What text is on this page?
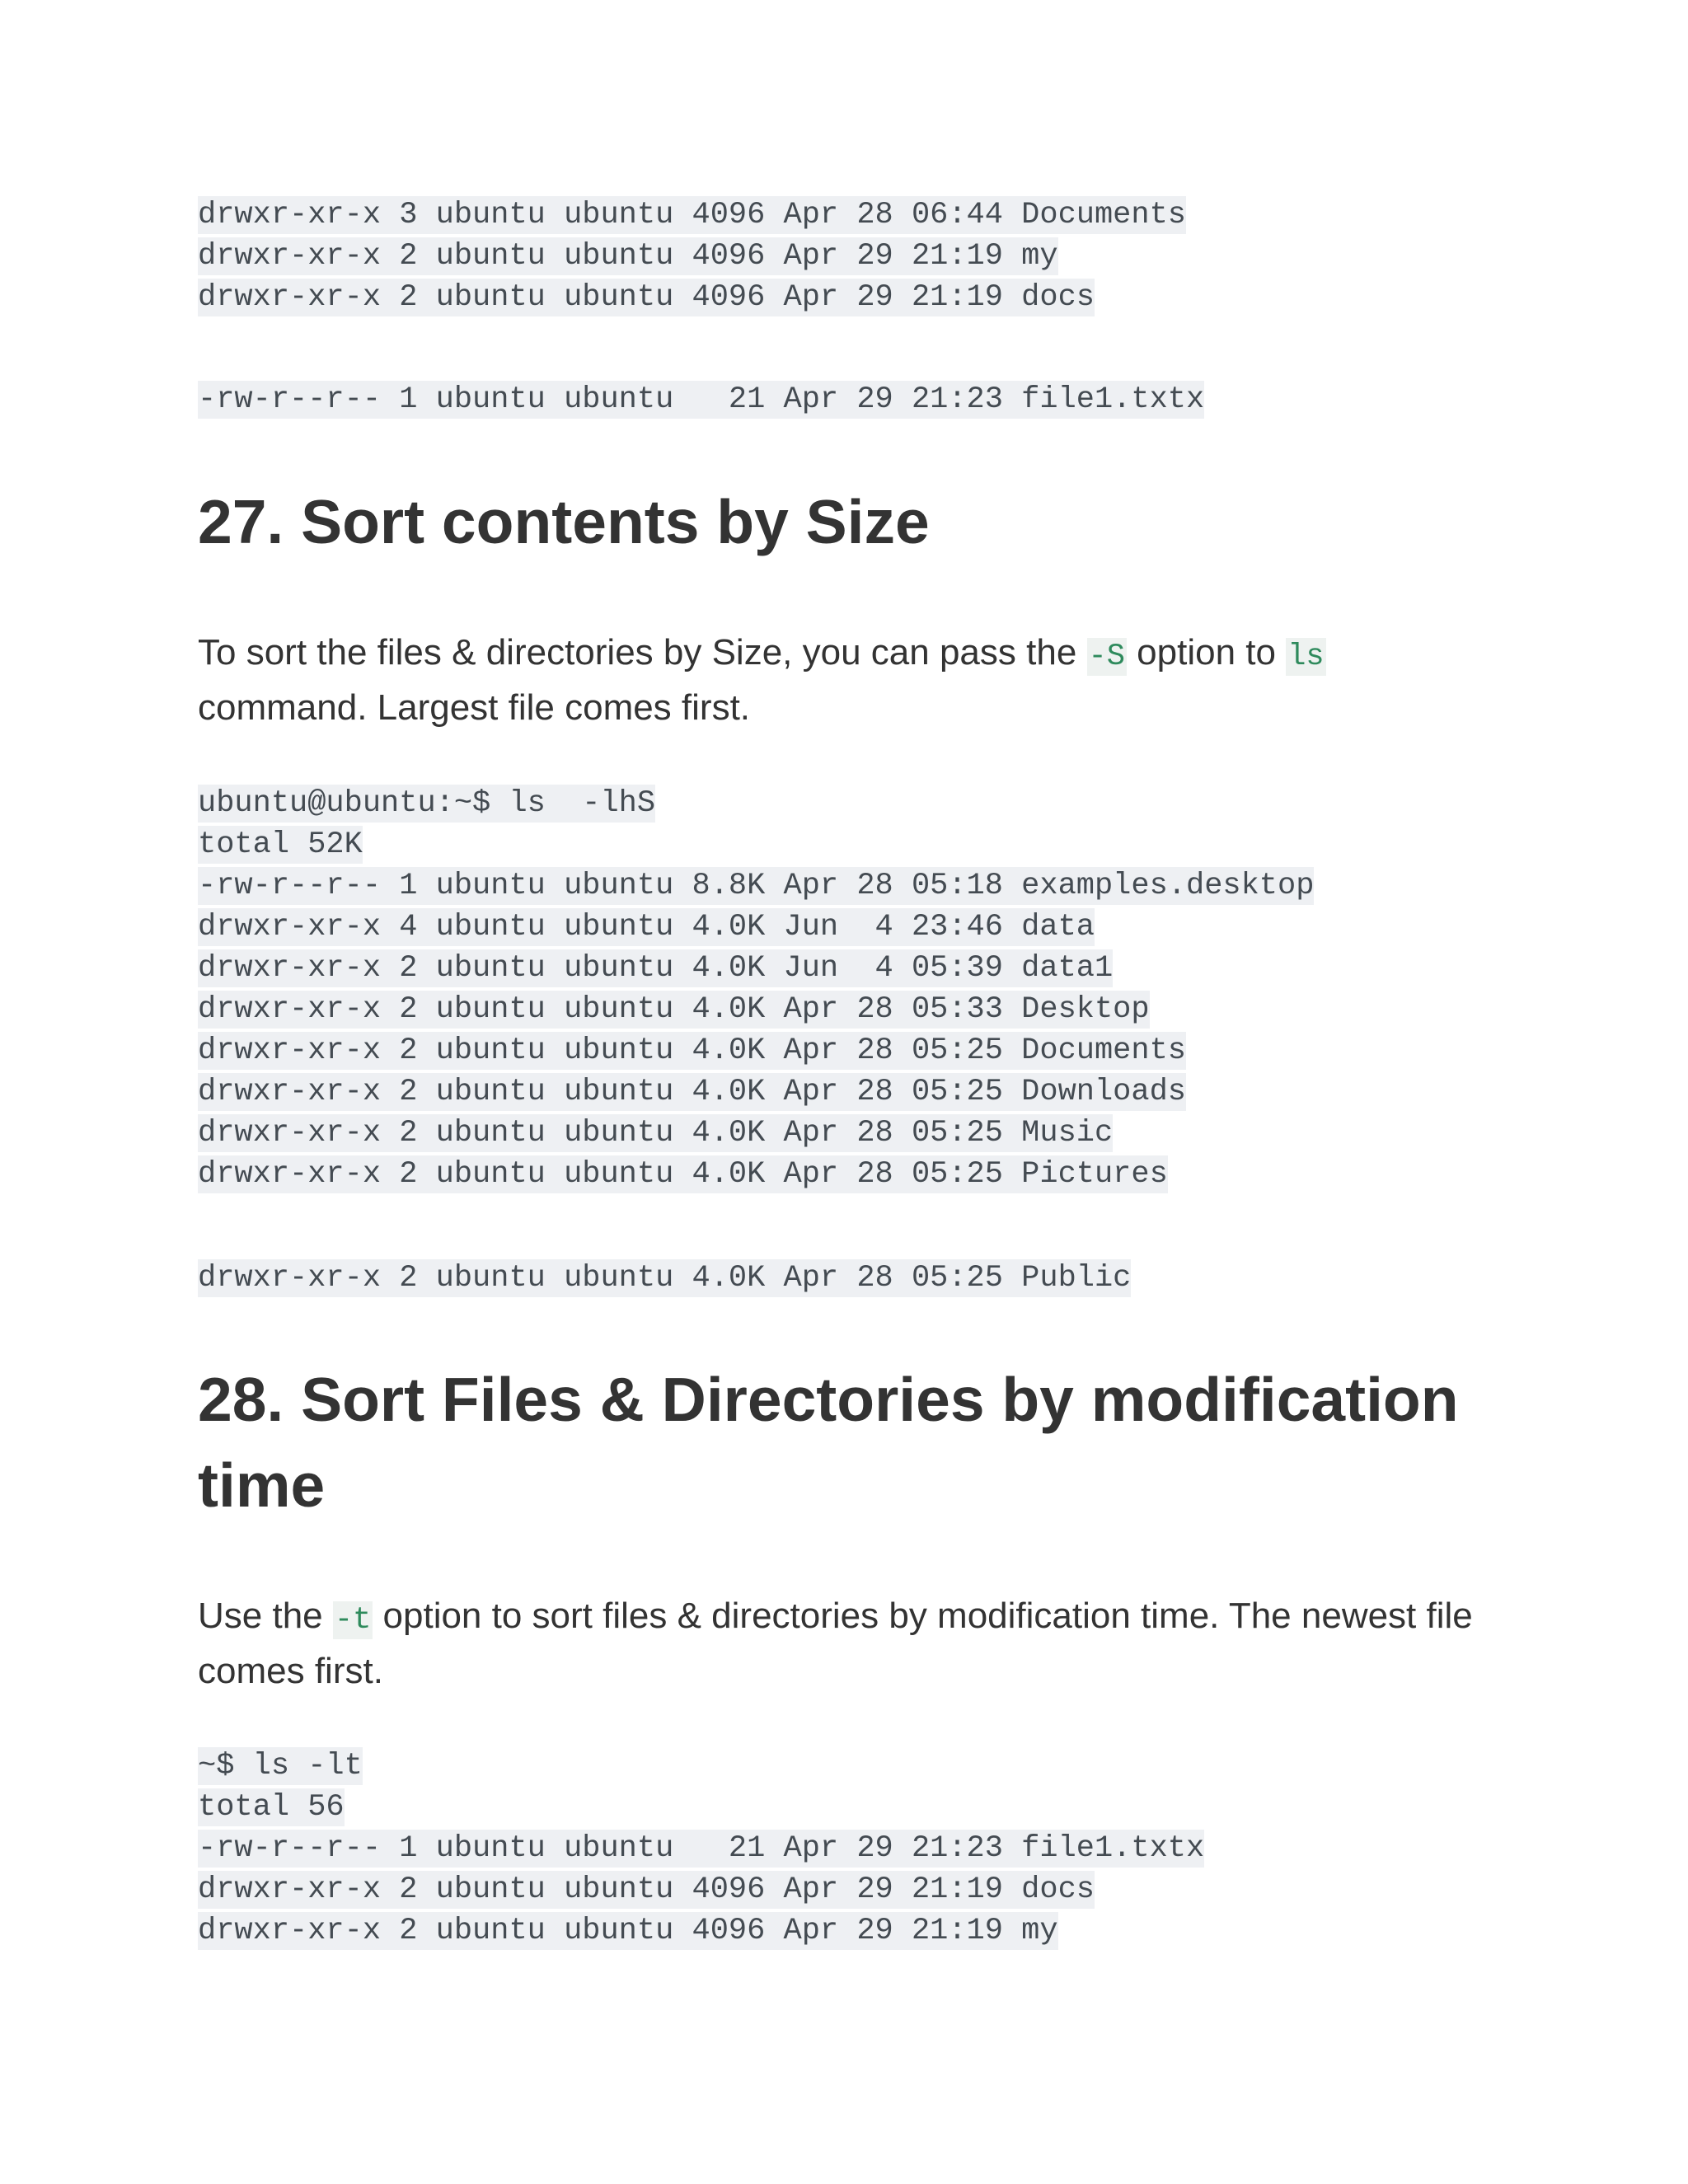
drwxr-xr-x 3 ubuntu ubuntu 4096 Apr 28 06:44 Documents
drwxr-xr-x 2 ubuntu ubuntu 4096 Apr 29 21:19 my
drwxr-xr-x 2 ubuntu ubuntu 4096 Apr 29 21:19 docs
-rw-r--r-- 1 ubuntu ubuntu   21 Apr 29 21:23 file1.txtx
27. Sort contents by Size

To sort the files & directories by Size, you can pass the -S option to ls command. Largest file comes first.

ubuntu@ubuntu:~$ ls  -lhS
total 52K
-rw-r--r-- 1 ubuntu ubuntu 8.8K Apr 28 05:18 examples.desktop
drwxr-xr-x 4 ubuntu ubuntu 4.0K Jun  4 23:46 data
drwxr-xr-x 2 ubuntu ubuntu 4.0K Jun  4 05:39 data1
drwxr-xr-x 2 ubuntu ubuntu 4.0K Apr 28 05:33 Desktop
drwxr-xr-x 2 ubuntu ubuntu 4.0K Apr 28 05:25 Documents
drwxr-xr-x 2 ubuntu ubuntu 4.0K Apr 28 05:25 Downloads
drwxr-xr-x 2 ubuntu ubuntu 4.0K Apr 28 05:25 Music
drwxr-xr-x 2 ubuntu ubuntu 4.0K Apr 28 05:25 Pictures
drwxr-xr-x 2 ubuntu ubuntu 4.0K Apr 28 05:25 Public
28. Sort Files & Directories by modification time

Use the -t option to sort files & directories by modification time. The newest file comes first.

~$ ls -lt
total 56
-rw-r--r-- 1 ubuntu ubuntu   21 Apr 29 21:23 file1.txtx
drwxr-xr-x 2 ubuntu ubuntu 4096 Apr 29 21:19 docs
drwxr-xr-x 2 ubuntu ubuntu 4096 Apr 29 21:19 my
